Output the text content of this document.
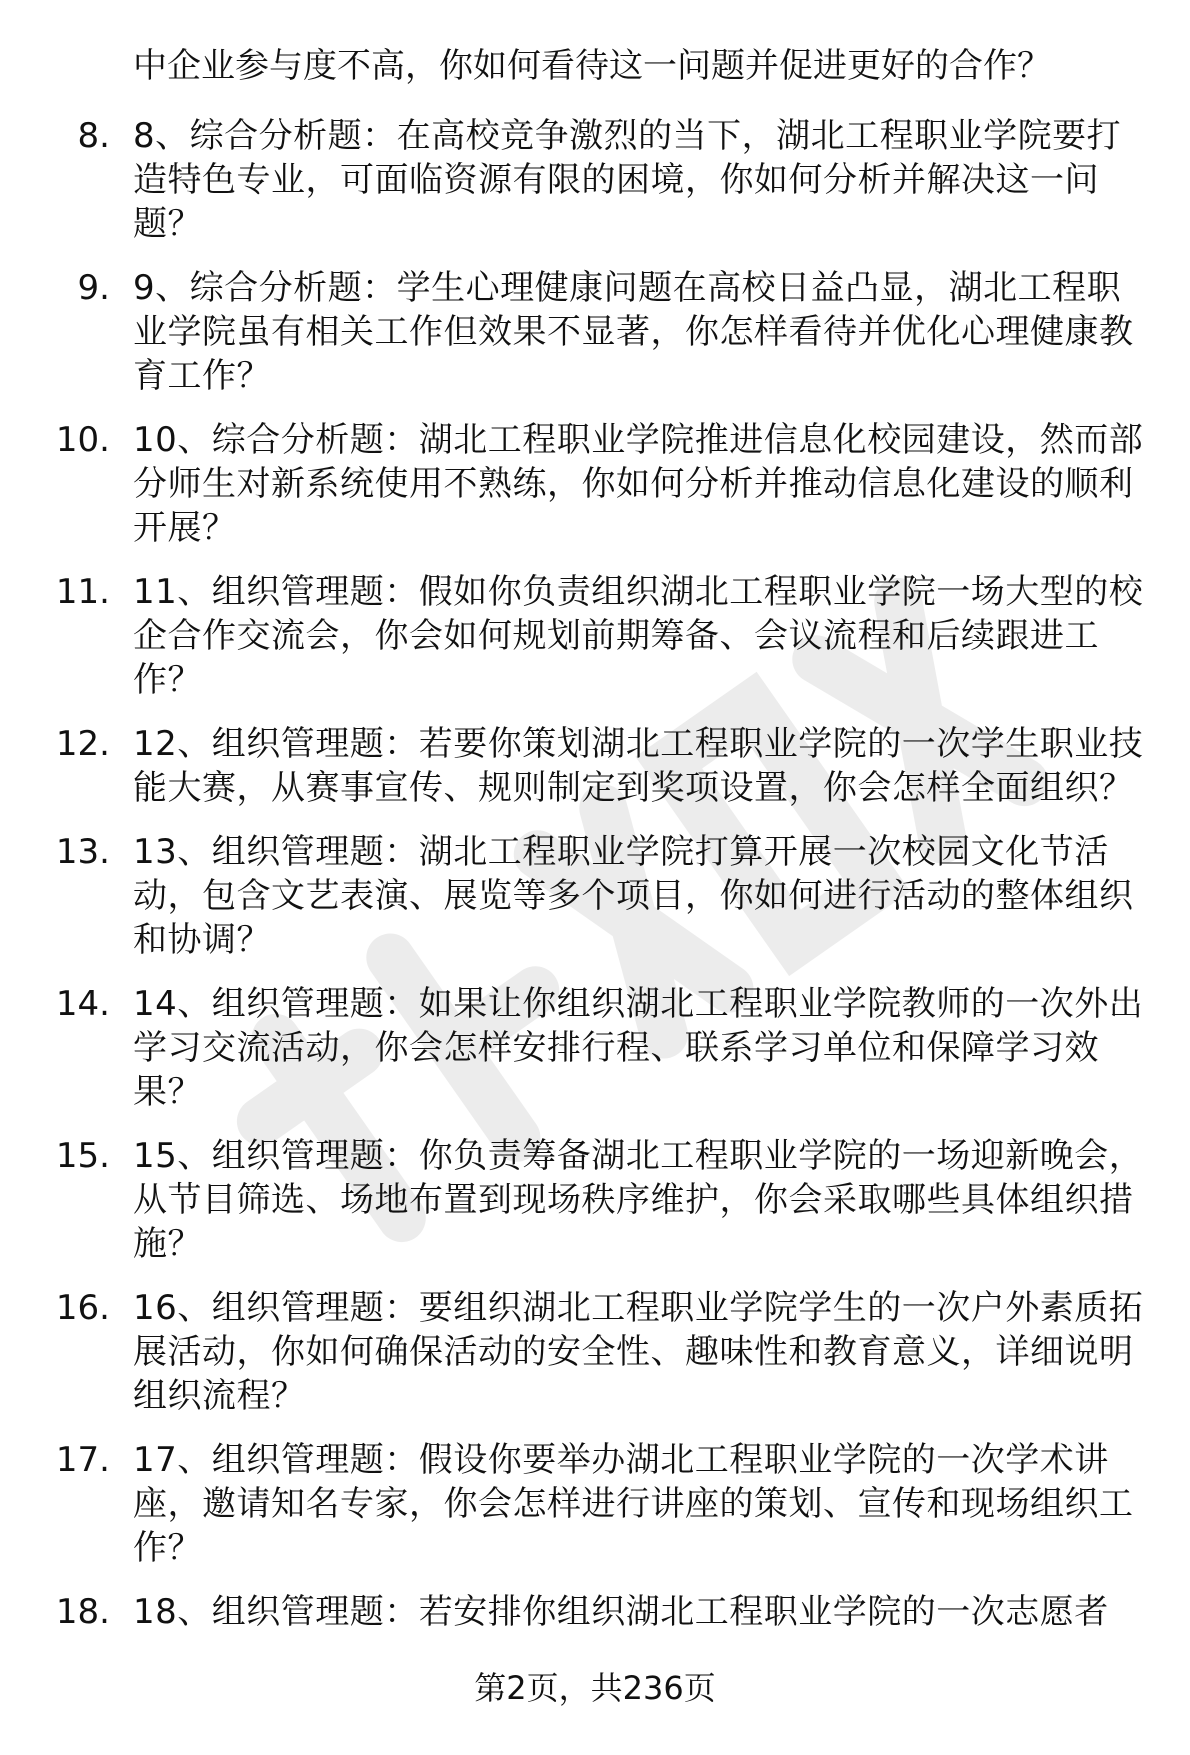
中企业参与度不高，你如何看待这一问题并促进更好的合作？

8. 8、综合分析题：在高校竞争激烈的当下，湖北工程职业学院要打造特色专业，可面临资源有限的困境，你如何分析并解决这一问题？
9. 9、综合分析题：学生心理健康问题在高校日益凸显，湖北工程职业学院虽有相关工作但效果不显著，你怎样看待并优化心理健康教育工作？
10. 10、综合分析题：湖北工程职业学院推进信息化校园建设，然而部分师生对新系统使用不熟练，你如何分析并推动信息化建设的顺利开展？
11. 11、组织管理题：假如你负责组织湖北工程职业学院一场大型的校企合作交流会，你会如何规划前期筹备、会议流程和后续跟进工作？
12. 12、组织管理题：若要你策划湖北工程职业学院的一次学生职业技能大赛，从赛事宣传、规则制定到奖项设置，你会怎样全面组织？
13. 13、组织管理题：湖北工程职业学院打算开展一次校园文化节活动，包含文艺表演、展览等多个项目，你如何进行活动的整体组织和协调？
14. 14、组织管理题：如果让你组织湖北工程职业学院教师的一次外出学习交流活动，你会怎样安排行程、联系学习单位和保障学习效果？
15. 15、组织管理题：你负责筹备湖北工程职业学院的一场迎新晚会，从节目筛选、场地布置到现场秩序维护，你会采取哪些具体组织措施？
16. 16、组织管理题：要组织湖北工程职业学院学生的一次户外素质拓展活动，你如何确保活动的安全性、趣味性和教育意义，详细说明组织流程？
17. 17、组织管理题：假设你要举办湖北工程职业学院的一次学术讲座，邀请知名专家，你会怎样进行讲座的策划、宣传和现场组织工作？
18. 18、组织管理题：若安排你组织湖北工程职业学院的一次志愿者
第2页，共236页
